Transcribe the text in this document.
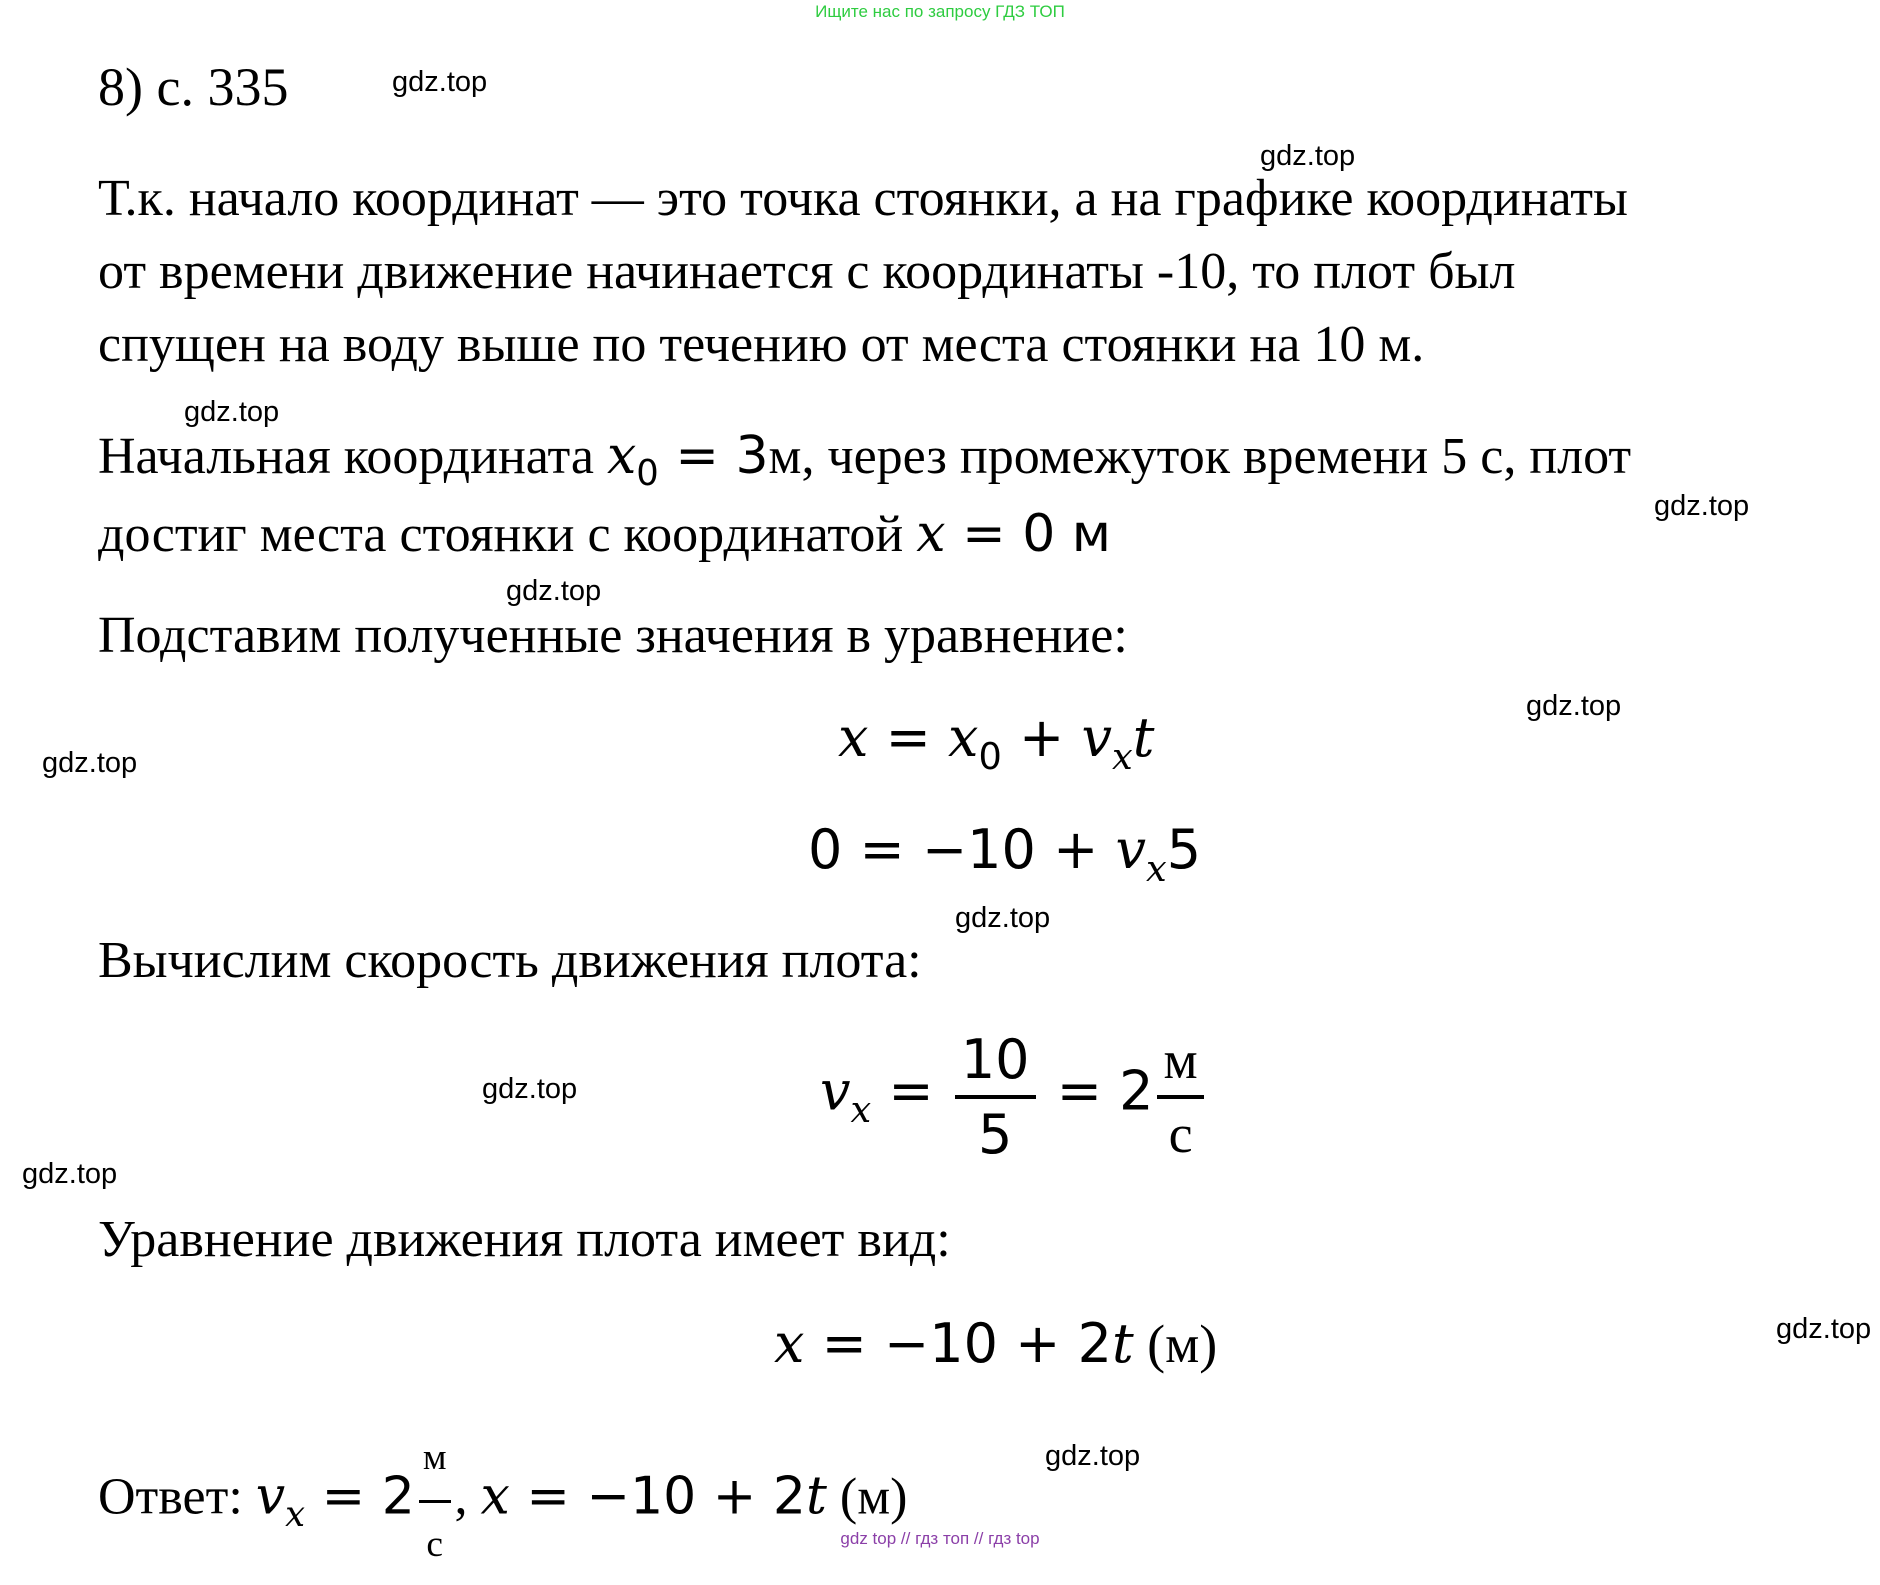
Ищите нас по запросу ГДЗ ТОП
8) с. 335	gdz.top
gdz.top
gdz.top
gdz.top
gdz.top
gdz.top
gdz.top
gdz.top
gdz.top
gdz.top
gdz.top
gdz.top
Т.к. начало координат — это точка стоянки, а на графике координаты
от времени движение начинается с координаты -10, то плот был
спущен на воду выше по течению от места стоянки на 10 м.
Начальная координата $x_0 = 3м$, через промежуток времени 5 с, плот
достиг места стоянки с координатой x = 0 м
Подставим полученные значения в уравнение:
$x = x_0 + v_xt$
$0 = -10 + v_x5$
Вычислим скорость движения плота:
$v_x = \frac{10}{5} = 2 \frac{м}{с}$
Уравнение движения плота имеет вид:
x = −10 + 2t (м)
Ответ: $v_x = 2 \frac{м}{с}$ , x = −10 + 2t (м)
gdz top // гдз топ // гдз top
